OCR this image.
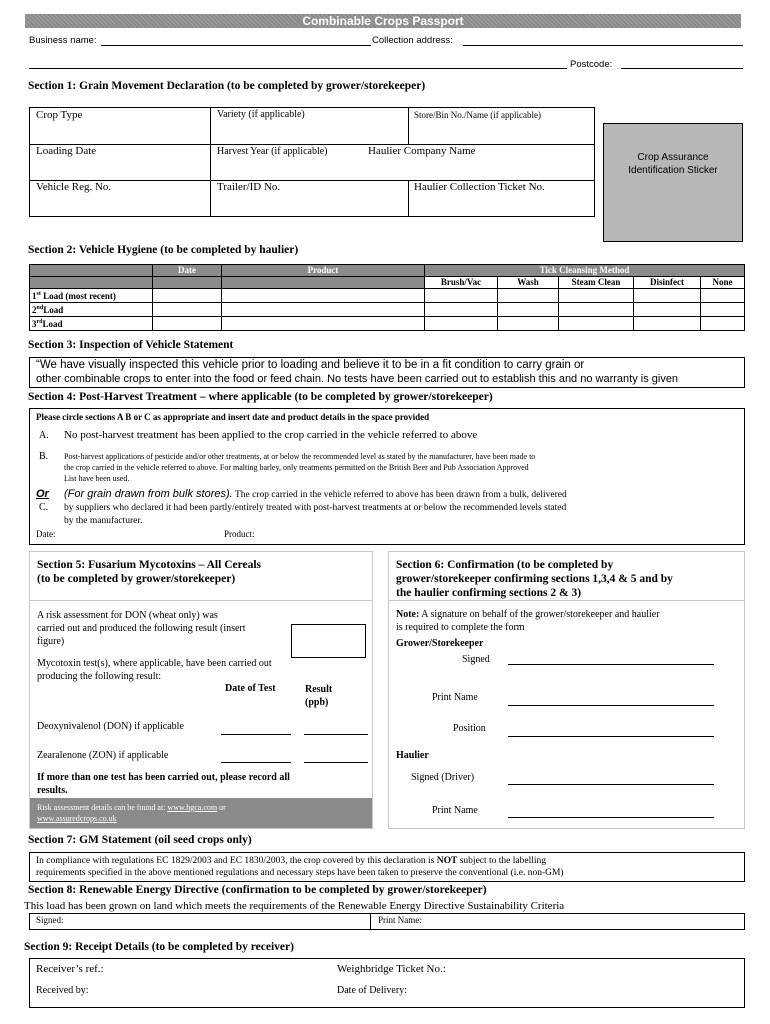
Combinable Crops Passport
Business name:	Collection address:
Postcode:
Section 1: Grain Movement Declaration (to be completed by grower/storekeeper)
Crop Type	Variety (if applicable)	Store/Bin No./Name (if applicable)
Loading Date	Harvest Year (if applicable)	Haulier Company Name
Vehicle Reg. No.	Trailer/ID No.	Haulier Collection Ticket No.
Crop Assurance
Identification Sticker
Section 2: Vehicle Hygiene (to be completed by haulier)
	Date	Product	Tick Cleansing Method				
			Brush/Vac	Wash	Steam Clean	Disinfect	None
1st Load (most recent)							
2ndLoad							
3rdLoad							
Section 3: Inspection of Vehicle Statement
“We have visually inspected this vehicle prior to loading and believe it to be in a fit condition to carry grain or
other combinable crops to enter into the food or feed chain. No tests have been carried out to establish this and no warranty is given
Section 4: Post-Harvest Treatment – where applicable (to be completed by grower/storekeeper)
Please circle sections A B or C as appropriate and insert date and product details in the space provided
A. No post-harvest treatment has been applied to the crop carried in the vehicle referred to above
B. Post-harvest applications of pesticide and/or other treatments, at or below the recommended level as stated by the manufacturer, have been made to
the crop carried in the vehicle referred to above. For malting barley, only treatments permitted on the British Beer and Pub Association Approved
List have been used.
Or
C.
(For grain drawn from bulk stores). The crop carried in the vehicle referred to above has been drawn from a bulk, delivered
by suppliers who declared it had been partly/entirely treated with post-harvest treatments at or below the recommended levels stated
by the manufacturer.
Date:	Product:
Section 5: Fusarium Mycotoxins – All Cereals
(to be completed by grower/storekeeper)
A risk assessment for DON (wheat only) was
carried out and produced the following result (insert
figure)
Mycotoxin test(s), where applicable, have been carried out
producing the following result:
Date of Test	Result
(ppb)
Deoxynivalenol (DON) if applicable
Zearalenone (ZON) if applicable
If more than one test has been carried out, please record all
results.
Risk assessment details can be found at: www.hgca.com or
www.assuredcrops.co.uk
Section 6: Confirmation (to be completed by
grower/storekeeper confirming sections 1,3,4 & 5 and by
the haulier confirming sections 2 & 3)
Note: A signature on behalf of the grower/storekeeper and haulier
is required to complete the form
Grower/Storekeeper
Signed
Print Name
Position
Haulier
Signed (Driver)
Print Name
Section 7: GM Statement (oil seed crops only)
In compliance with regulations EC 1829/2003 and EC 1830/2003, the crop covered by this declaration is NOT subject to the labelling
requirements specified in the above mentioned regulations and necessary steps have been taken to preserve the conventional (i.e. non-GM)
Section 8: Renewable Energy Directive (confirmation to be completed by grower/storekeeper)
This load has been grown on land which meets the requirements of the Renewable Energy Directive Sustainability Criteria
Signed:	Print Name:
Section 9: Receipt Details (to be completed by receiver)
Receiver’s ref.:	Weighbridge Ticket No.:
Received by:	Date of Delivery:
